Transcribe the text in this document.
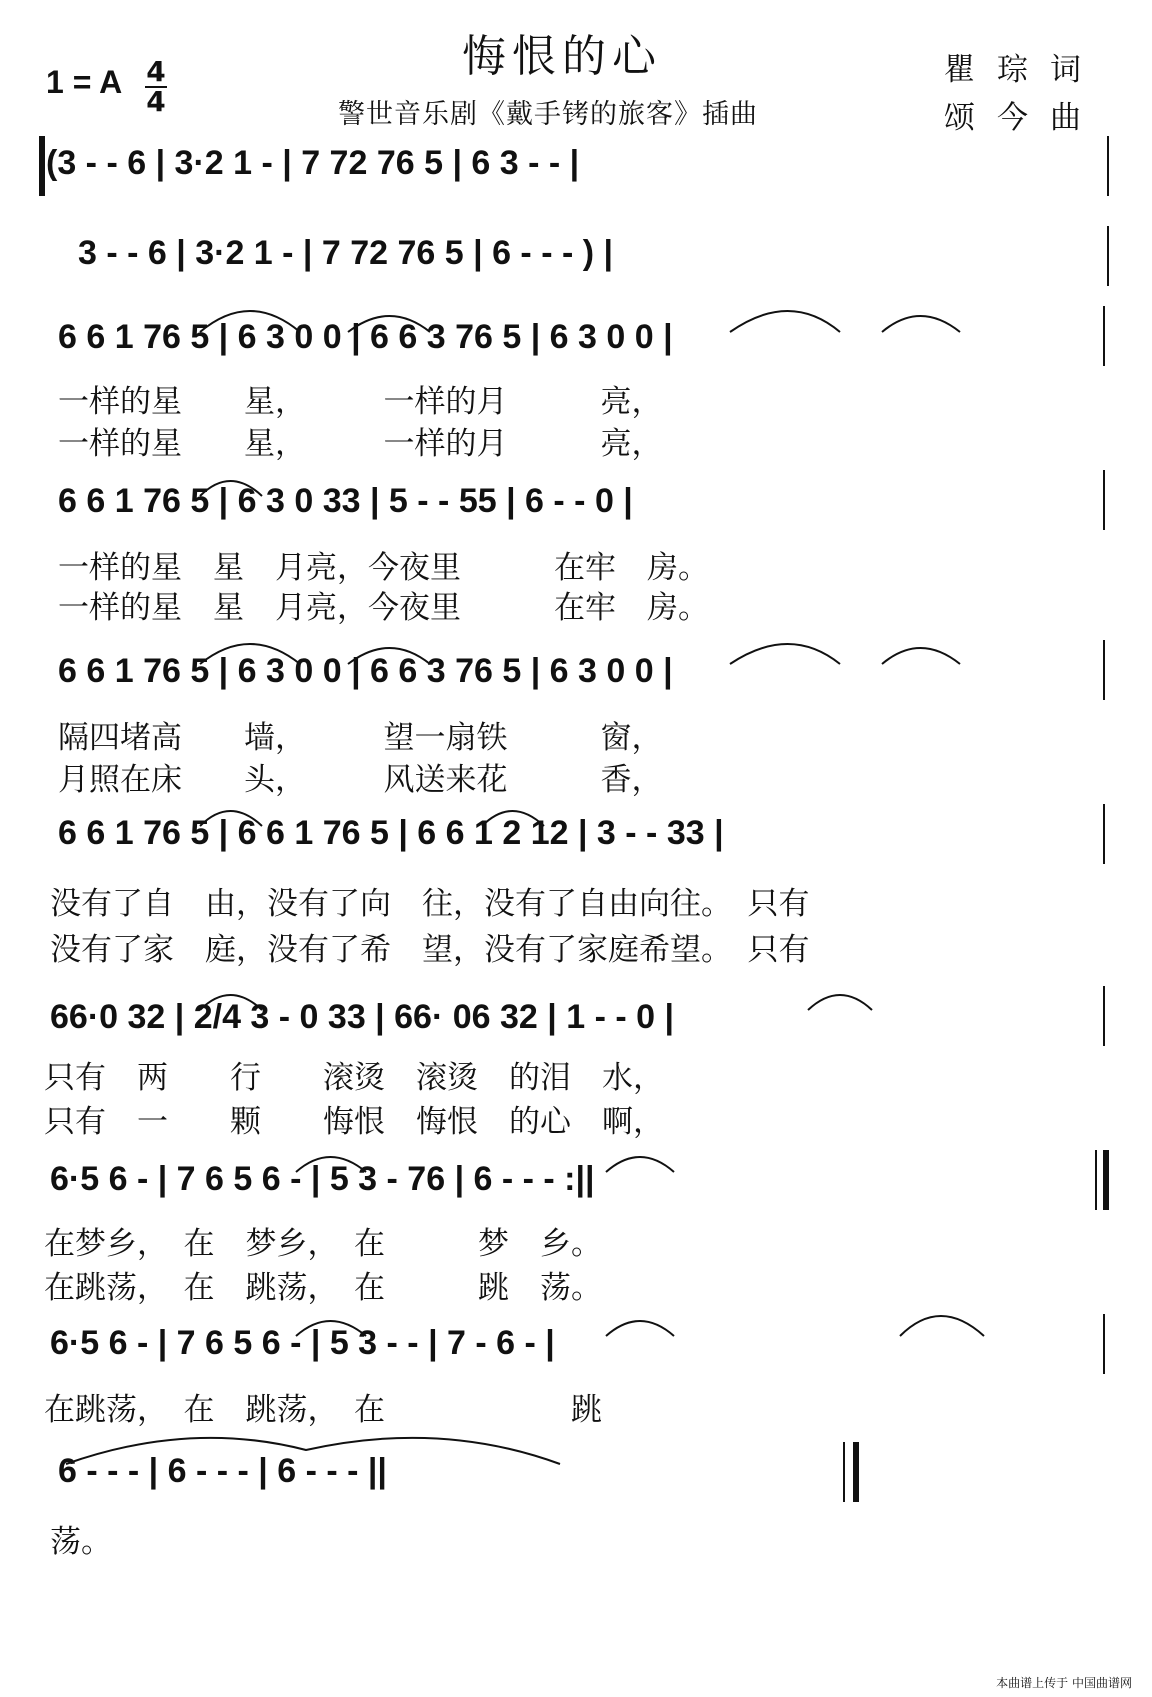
悔恨的心
警世音乐剧《戴手铐的旅客》插曲
1 = A 4
4
瞿琮词
颂今曲
(3 - - 6 | 3·2 1 - | 7 72 76 5 | 6 3 - - |
3 - - 6 | 3·2 1 - | 7 72 76 5 | 6 - - - ) |
6 6 1 76 5 | 6 3 0 0 | 6 6 3 76 5 | 6 3 0 0 |
一样的星　　星，　　　一样的月　　　亮，
一样的星　　星，　　　一样的月　　　亮，
6 6 1 76 5 | 6 3 0 33 | 5 - - 55 | 6 - - 0 |
一样的星　星　月亮，今夜里　　　在牢　房。
一样的星　星　月亮，今夜里　　　在牢　房。
6 6 1 76 5 | 6 3 0 0 | 6 6 3 76 5 | 6 3 0 0 |
隔四堵高　　墙，　　　望一扇铁　　　窗，
月照在床　　头，　　　风送来花　　　香，
6 6 1 76 5 | 6 6 1 76 5 | 6 6 1 2 12 | 3 - - 33 |
没有了自　由，没有了向　往，没有了自由向往。　只有
没有了家　庭，没有了希　望，没有了家庭希望。　只有
66·0 32 | 2/4 3 - 0 33 | 66· 06 32 | 1 - - 0 |
只有　两　　行　　滚烫　滚烫　的泪　水，
只有　一　　颗　　悔恨　悔恨　的心　啊，
6·5 6 - | 7 6 5 6 - | 5 3 - 76 | 6 - - - :||
在梦乡，　在　梦乡，　在　　　梦　乡。
在跳荡，　在　跳荡，　在　　　跳　荡。
6·5 6 - | 7 6 5 6 - | 5 3 - - | 7 - 6 - |
在跳荡，　在　跳荡，　在　　　　　　跳
6 - - - | 6 - - - | 6 - - - ||
荡。
本曲谱上传于 中国曲谱网
